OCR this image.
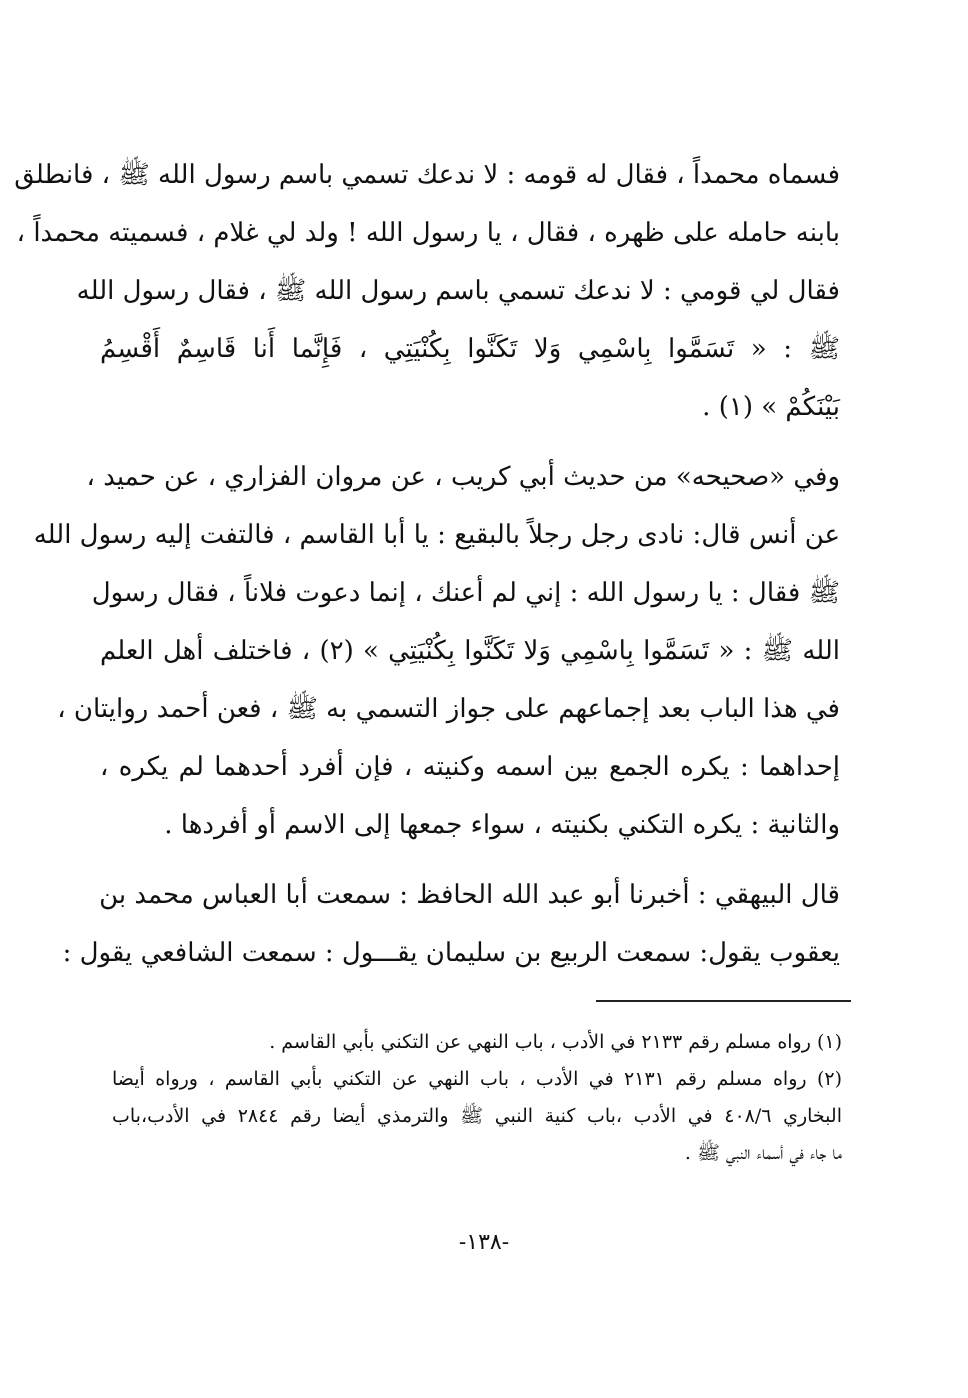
فسماه محمداً ، فقال له قومه : لا ندعك تسمي باسم رسول الله ﷺ ، فانطلق
بابنه حامله على ظهره ، فقال ، يا رسول الله ! ولد لي غلام ، فسميته محمداً ،
فقال لي قومي : لا ندعك تسمي باسم رسول الله ﷺ ، فقال رسول الله
ﷺ : « تَسَمَّوا بِاسْمِي وَلا تَكَنَّوا بِكُنْيَتِي ، فَإِنَّما أَنا قَاسِمٌ أَقْسِمُ
بَيْنَكُمْ » (١) .
وفي «صحيحه» من حديث أبي كريب ، عن مروان الفزاري ، عن حميد ،
عن أنس قال: نادى رجل رجلاً بالبقيع : يا أبا القاسم ، فالتفت إليه رسول الله
ﷺ فقال : يا رسول الله : إني لم أعنك ، إنما دعوت فلاناً ، فقال رسول
الله ﷺ : « تَسَمَّوا بِاسْمِي وَلا تَكَنَّوا بِكُنْيَتِي » (٢) ، فاختلف أهل العلم
في هذا الباب بعد إجماعهم على جواز التسمي به ﷺ ، فعن أحمد روايتان ،
إحداهما : يكره الجمع بين اسمه وكنيته ، فإن أفرد أحدهما لم يكره ،
والثانية : يكره التكني بكنيته ، سواء جمعها إلى الاسم أو أفردها .
قال البيهقي : أخبرنا أبو عبد الله الحافظ : سمعت أبا العباس محمد بن
يعقوب يقول: سمعت الربيع بن سليمان يقـــول : سمعت الشافعي يقول :
(١) رواه مسلم رقم ٢١٣٣ في الأدب ، باب النهي عن التكني بأبي القاسم .
(٢) رواه مسلم رقم ٢١٣١ في الأدب ، باب النهي عن التكني بأبي القاسم ، ورواه أيضا
البخاري ٤٠٨/٦ في الأدب ،باب كنية النبي ﷺ والترمذي أيضا رقم ٢٨٤٤ في الأدب،باب
ما جاء في أسماء النبي ﷺ .
-١٣٨-
